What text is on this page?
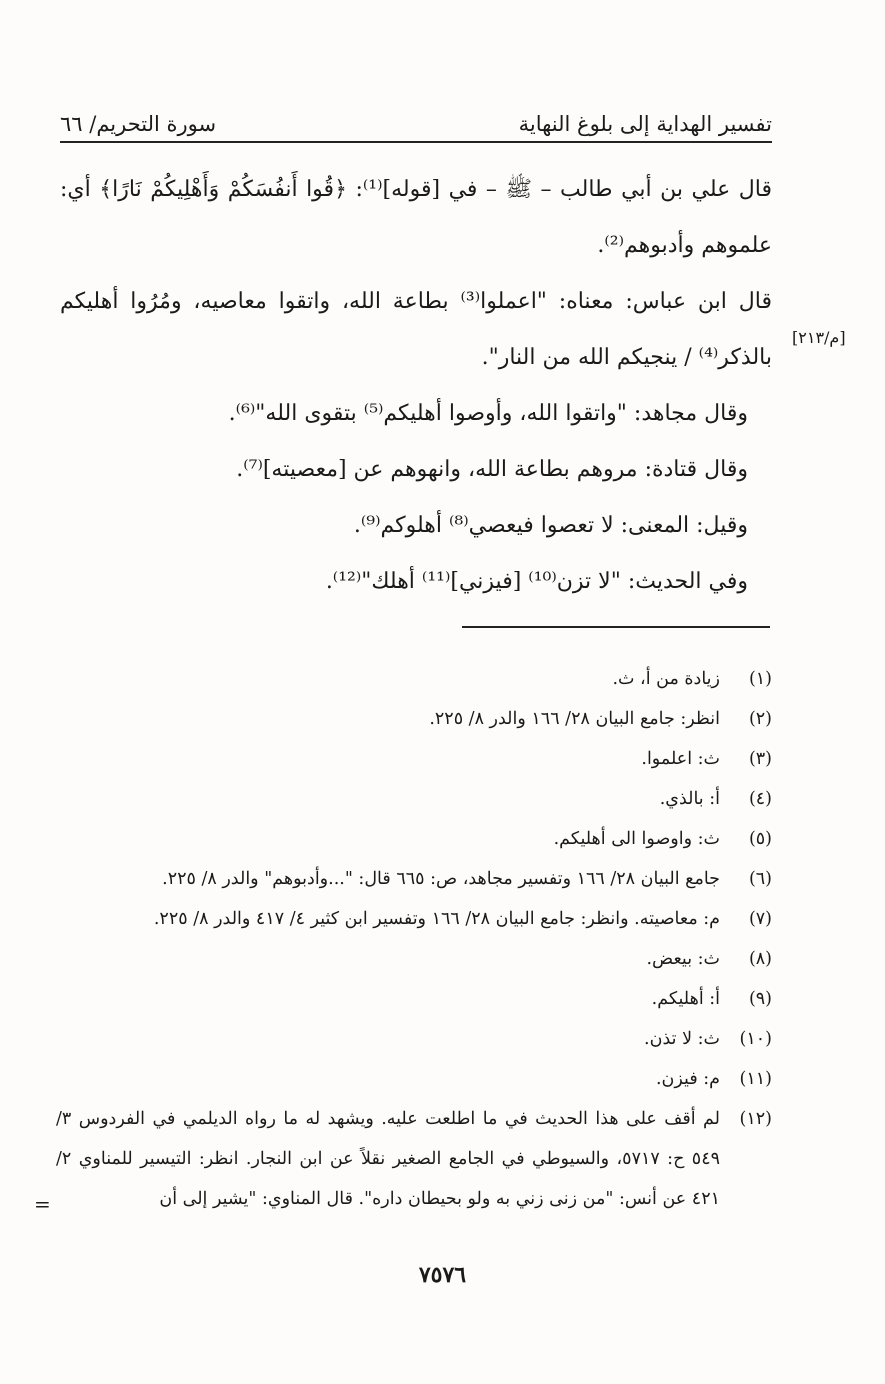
تفسير الهداية إلى بلوغ النهاية
سورة التحريم/ ٦٦

قال علي بن أبي طالب – ﷺ – في [قوله]⁽¹⁾: ﴿قُوا أَنفُسَكُمْ وَأَهْلِيكُمْ نَارًا﴾ أي: علموهم وأدبوهم⁽²⁾.

قال ابن عباس: معناه: "اعملوا⁽³⁾ بطاعة الله، واتقوا معاصيه، ومُرُوا أهليكم بالذكر⁽⁴⁾ / ينجيكم الله من النار".

وقال مجاهد: "واتقوا الله، وأوصوا أهليكم⁽⁵⁾ بتقوى الله"⁽⁶⁾.

وقال قتادة: مروهم بطاعة الله، وانهوهم عن [معصيته]⁽⁷⁾.

وقيل: المعنى: لا تعصوا فيعصي⁽⁸⁾ أهلوكم⁽⁹⁾.

وفي الحديث: "لا تزن⁽¹⁰⁾ [فيزني]⁽¹¹⁾ أهلك"⁽¹²⁾.

[م/٢١٣]
(١)
زيادة من أ، ث.
(٢)
انظر: جامع البيان ٢٨/ ١٦٦ والدر ٨/ ٢٢٥.
(٣)
ث: اعلموا.
(٤)
أ: بالذي.
(٥)
ث: واوصوا الى أهليكم.
(٦)
جامع البيان ٢٨/ ١٦٦ وتفسير مجاهد، ص: ٦٦٥ قال: "...وأدبوهم" والدر ٨/ ٢٢٥.
(٧)
م: معاصيته. وانظر: جامع البيان ٢٨/ ١٦٦ وتفسير ابن كثير ٤/ ٤١٧ والدر ٨/ ٢٢٥.
(٨)
ث: بيعض.
(٩)
أ: أهليكم.
(١٠)
ث: لا تذن.
(١١)
م: فيزن.
(١٢)
لم أقف على هذا الحديث في ما اطلعت عليه. ويشهد له ما رواه الديلمي في الفردوس ٣/ ٥٤٩ ح: ٥٧١٧، والسيوطي في الجامع الصغير نقلاً عن ابن النجار. انظر: التيسير للمناوي ٢/ ٤٢١ عن أنس: "من زنى زني به ولو بحيطان داره". قال المناوي: "يشير إلى أن
=
٧٥٧٦
